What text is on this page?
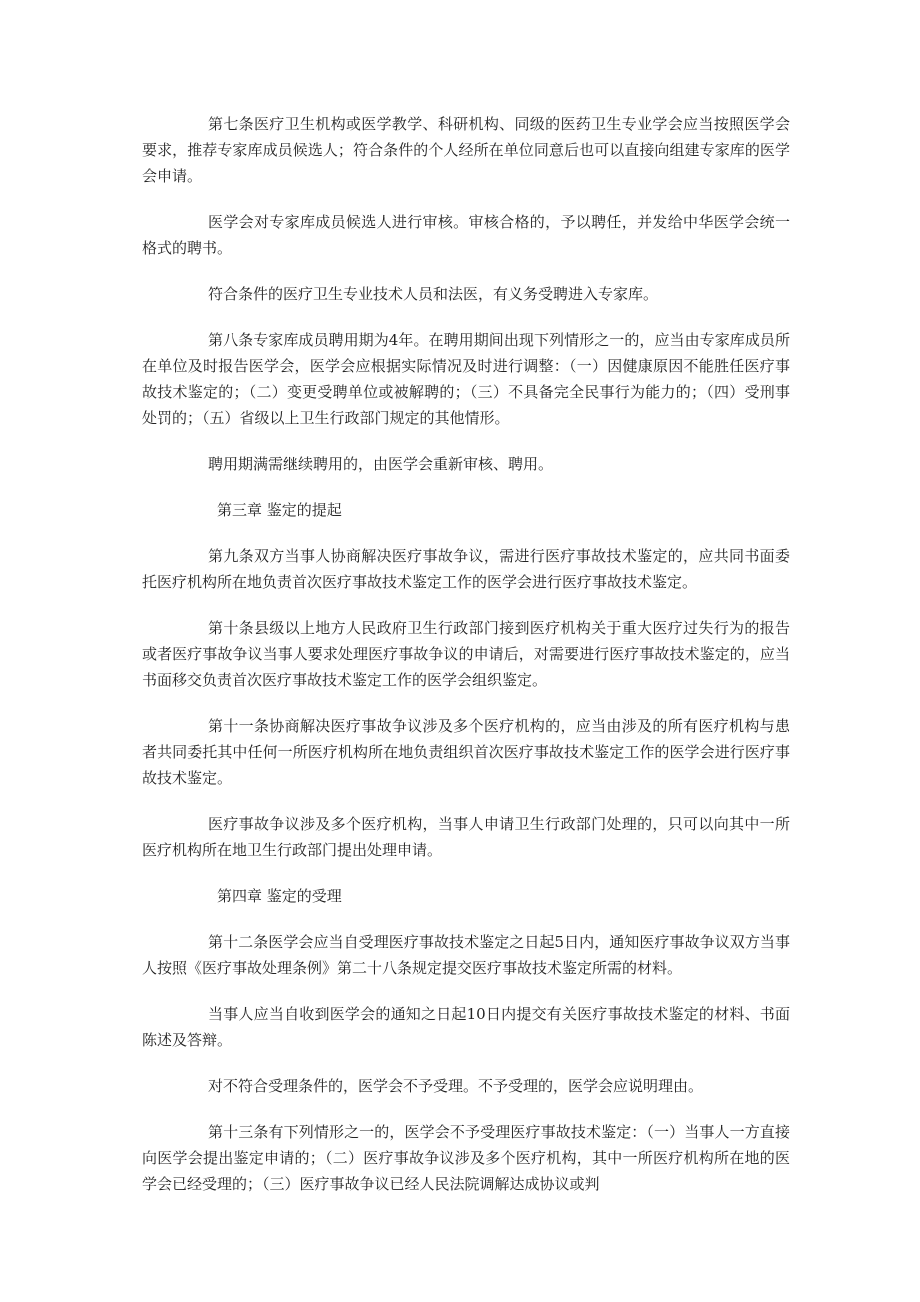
第七条医疗卫生机构或医学教学、科研机构、同级的医药卫生专业学会应当按照医学会要求，推荐专家库成员候选人；符合条件的个人经所在单位同意后也可以直接向组建专家库的医学会申请。

医学会对专家库成员候选人进行审核。审核合格的，予以聘任，并发给中华医学会统一格式的聘书。

符合条件的医疗卫生专业技术人员和法医，有义务受聘进入专家库。

第八条专家库成员聘用期为4年。在聘用期间出现下列情形之一的，应当由专家库成员所在单位及时报告医学会，医学会应根据实际情况及时进行调整：（一）因健康原因不能胜任医疗事故技术鉴定的；（二）变更受聘单位或被解聘的；（三）不具备完全民事行为能力的；（四）受刑事处罚的；（五）省级以上卫生行政部门规定的其他情形。

聘用期满需继续聘用的，由医学会重新审核、聘用。

第三章 鉴定的提起

第九条双方当事人协商解决医疗事故争议，需进行医疗事故技术鉴定的，应共同书面委托医疗机构所在地负责首次医疗事故技术鉴定工作的医学会进行医疗事故技术鉴定。

第十条县级以上地方人民政府卫生行政部门接到医疗机构关于重大医疗过失行为的报告或者医疗事故争议当事人要求处理医疗事故争议的申请后，对需要进行医疗事故技术鉴定的，应当书面移交负责首次医疗事故技术鉴定工作的医学会组织鉴定。

第十一条协商解决医疗事故争议涉及多个医疗机构的，应当由涉及的所有医疗机构与患者共同委托其中任何一所医疗机构所在地负责组织首次医疗事故技术鉴定工作的医学会进行医疗事故技术鉴定。

医疗事故争议涉及多个医疗机构，当事人申请卫生行政部门处理的，只可以向其中一所医疗机构所在地卫生行政部门提出处理申请。

第四章 鉴定的受理

第十二条医学会应当自受理医疗事故技术鉴定之日起5日内，通知医疗事故争议双方当事人按照《医疗事故处理条例》第二十八条规定提交医疗事故技术鉴定所需的材料。

当事人应当自收到医学会的通知之日起10日内提交有关医疗事故技术鉴定的材料、书面陈述及答辩。

对不符合受理条件的，医学会不予受理。不予受理的，医学会应说明理由。

第十三条有下列情形之一的，医学会不予受理医疗事故技术鉴定：（一）当事人一方直接向医学会提出鉴定申请的；（二）医疗事故争议涉及多个医疗机构，其中一所医疗机构所在地的医学会已经受理的；（三）医疗事故争议已经人民法院调解达成协议或判
